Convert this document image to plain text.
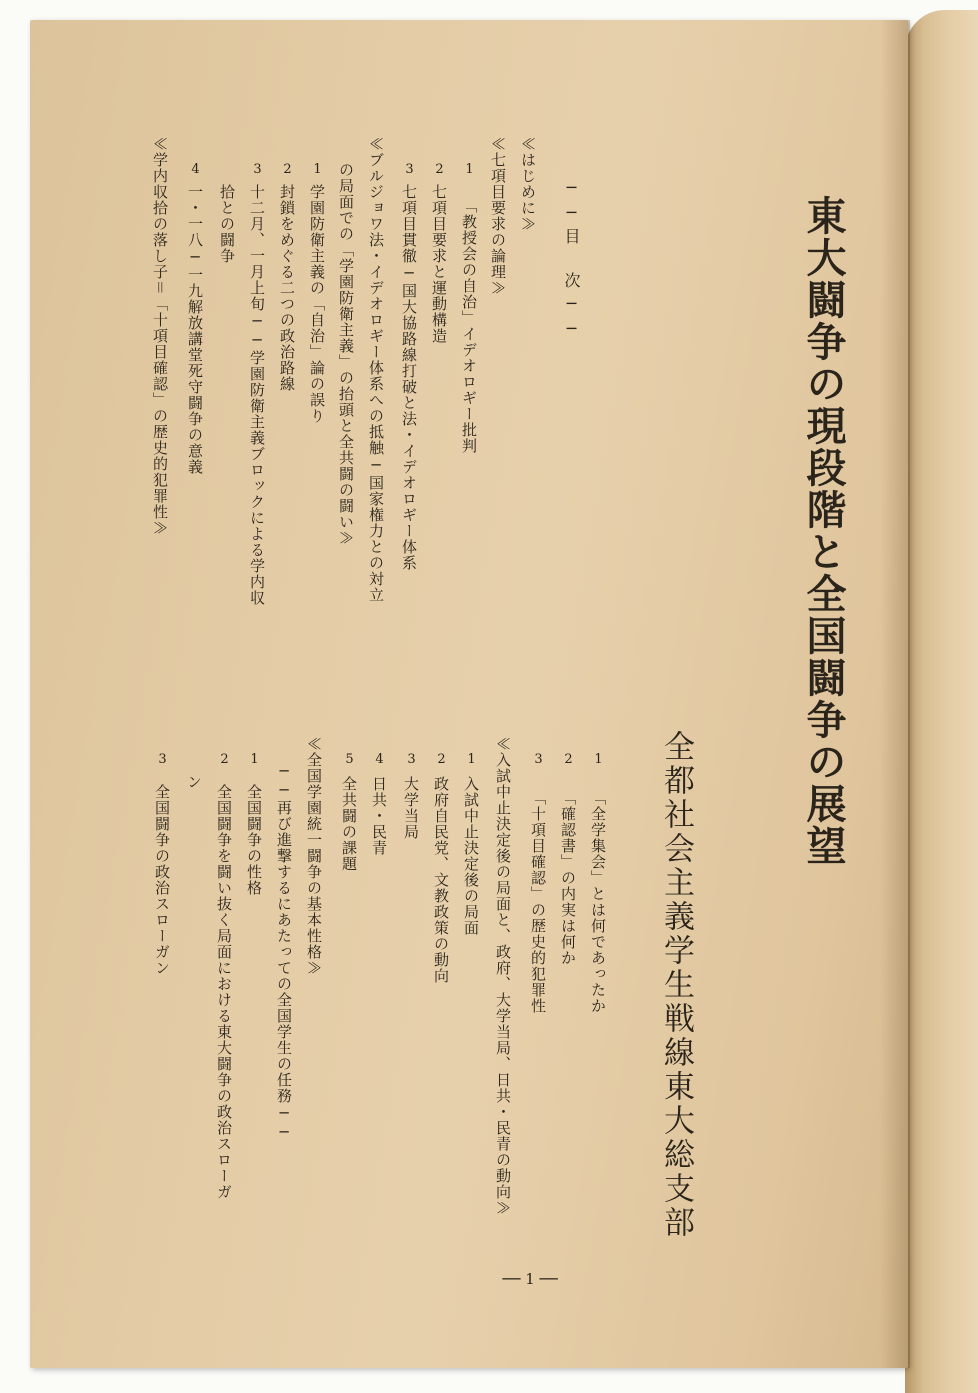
東大闘争の現段階と全国闘争の展望
全都社会主義学生戦線東大総支部
──目　次──
≪はじめに≫
≪七項目要求の論理≫
1
「教授会の自治」イデオロギー批判
2
七項目要求と運動構造
3
七項目貫徹─国大協路線打破と法・イデオロギー体系
≪ブルジョワ法・イデオロギー体系への抵触─国家権力との対立
の局面での「学園防衛主義」の抬頭と全共闘の闘い≫
1
学園防衛主義の「自治」論の誤り
2
封鎖をめぐる二つの政治路線
3
十二月、一月上旬──学園防衛主義ブロックによる学内収
拾との闘争
4
一・一八─一九解放講堂死守闘争の意義
≪学内収拾の落し子＝「十項目確認」の歴史的犯罪性≫
1
「全学集会」とは何であったか
2
「確認書」の内実は何か
3
「十項目確認」の歴史的犯罪性
≪入試中止決定後の局面と、政府、大学当局、日共・民青の動向≫
1
入試中止決定後の局面
2
政府自民党、文教政策の動向
3
大学当局
4
日共・民青
5
全共闘の課題
≪全国学園統一闘争の基本性格≫
──再び進撃するにあたっての全国学生の任務──
1
全国闘争の性格
2
全国闘争を闘い抜く局面における東大闘争の政治スローガ
ン
3
全国闘争の政治スローガン
── 1 ──
